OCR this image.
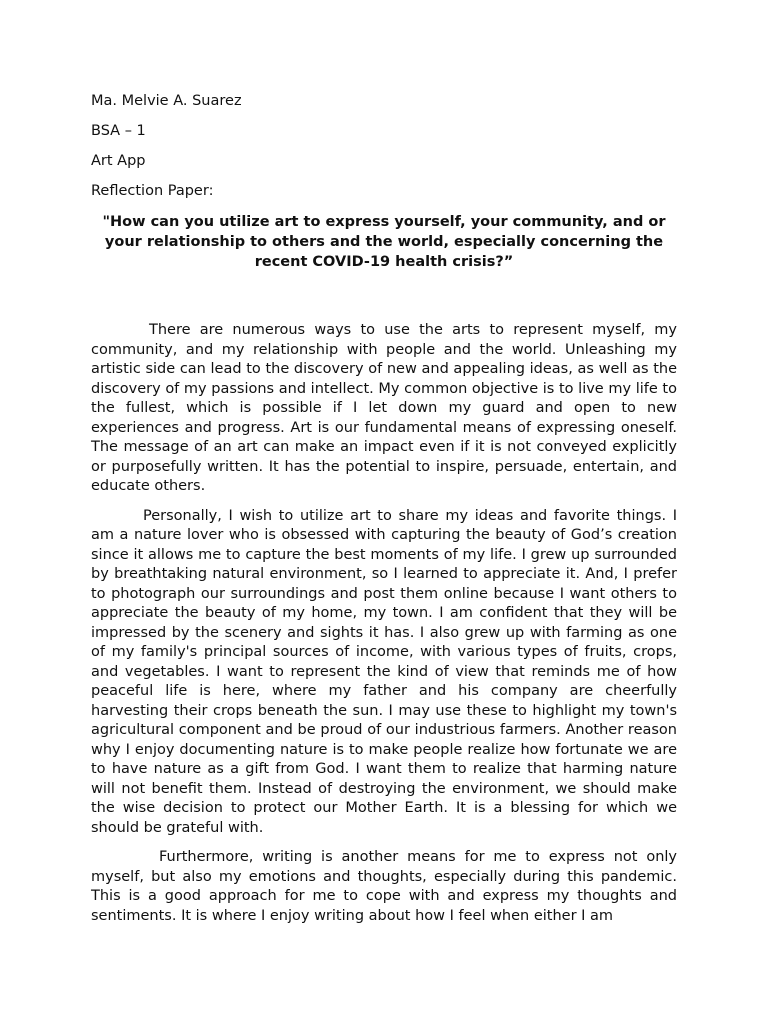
Ma. Melvie A. Suarez

BSA – 1

Art App

Reflection Paper:

"How can you utilize art to express yourself, your community, and or your relationship to others and the world, especially concerning the recent COVID-19 health crisis?”

There are numerous ways to use the arts to represent myself, my community, and my relationship with people and the world. Unleashing my artistic side can lead to the discovery of new and appealing ideas, as well as the discovery of my passions and intellect. My common objective is to live my life to the fullest, which is possible if I let down my guard and open to new experiences and progress. Art is our fundamental means of expressing oneself. The message of an art can make an impact even if it is not conveyed explicitly or purposefully written. It has the potential to inspire, persuade, entertain, and educate others.

Personally, I wish to utilize art to share my ideas and favorite things. I am a nature lover who is obsessed with capturing the beauty of God’s creation since it allows me to capture the best moments of my life. I grew up surrounded by breathtaking natural environment, so I learned to appreciate it. And, I prefer to photograph our surroundings and post them online because I want others to appreciate the beauty of my home, my town. I am confident that they will be impressed by the scenery and sights it has. I also grew up with farming as one of my family's principal sources of income, with various types of fruits, crops, and vegetables. I want to represent the kind of view that reminds me of how peaceful life is here, where my father and his company are cheerfully harvesting their crops beneath the sun. I may use these to highlight my town's agricultural component and be proud of our industrious farmers. Another reason why I enjoy documenting nature is to make people realize how fortunate we are to have nature as a gift from God. I want them to realize that harming nature will not benefit them. Instead of destroying the environment, we should make the wise decision to protect our Mother Earth. It is a blessing for which we should be grateful with.

Furthermore, writing is another means for me to express not only myself, but also my emotions and thoughts, especially during this pandemic. This is a good approach for me to cope with and express my thoughts and sentiments. It is where I enjoy writing about how I feel when either I am
